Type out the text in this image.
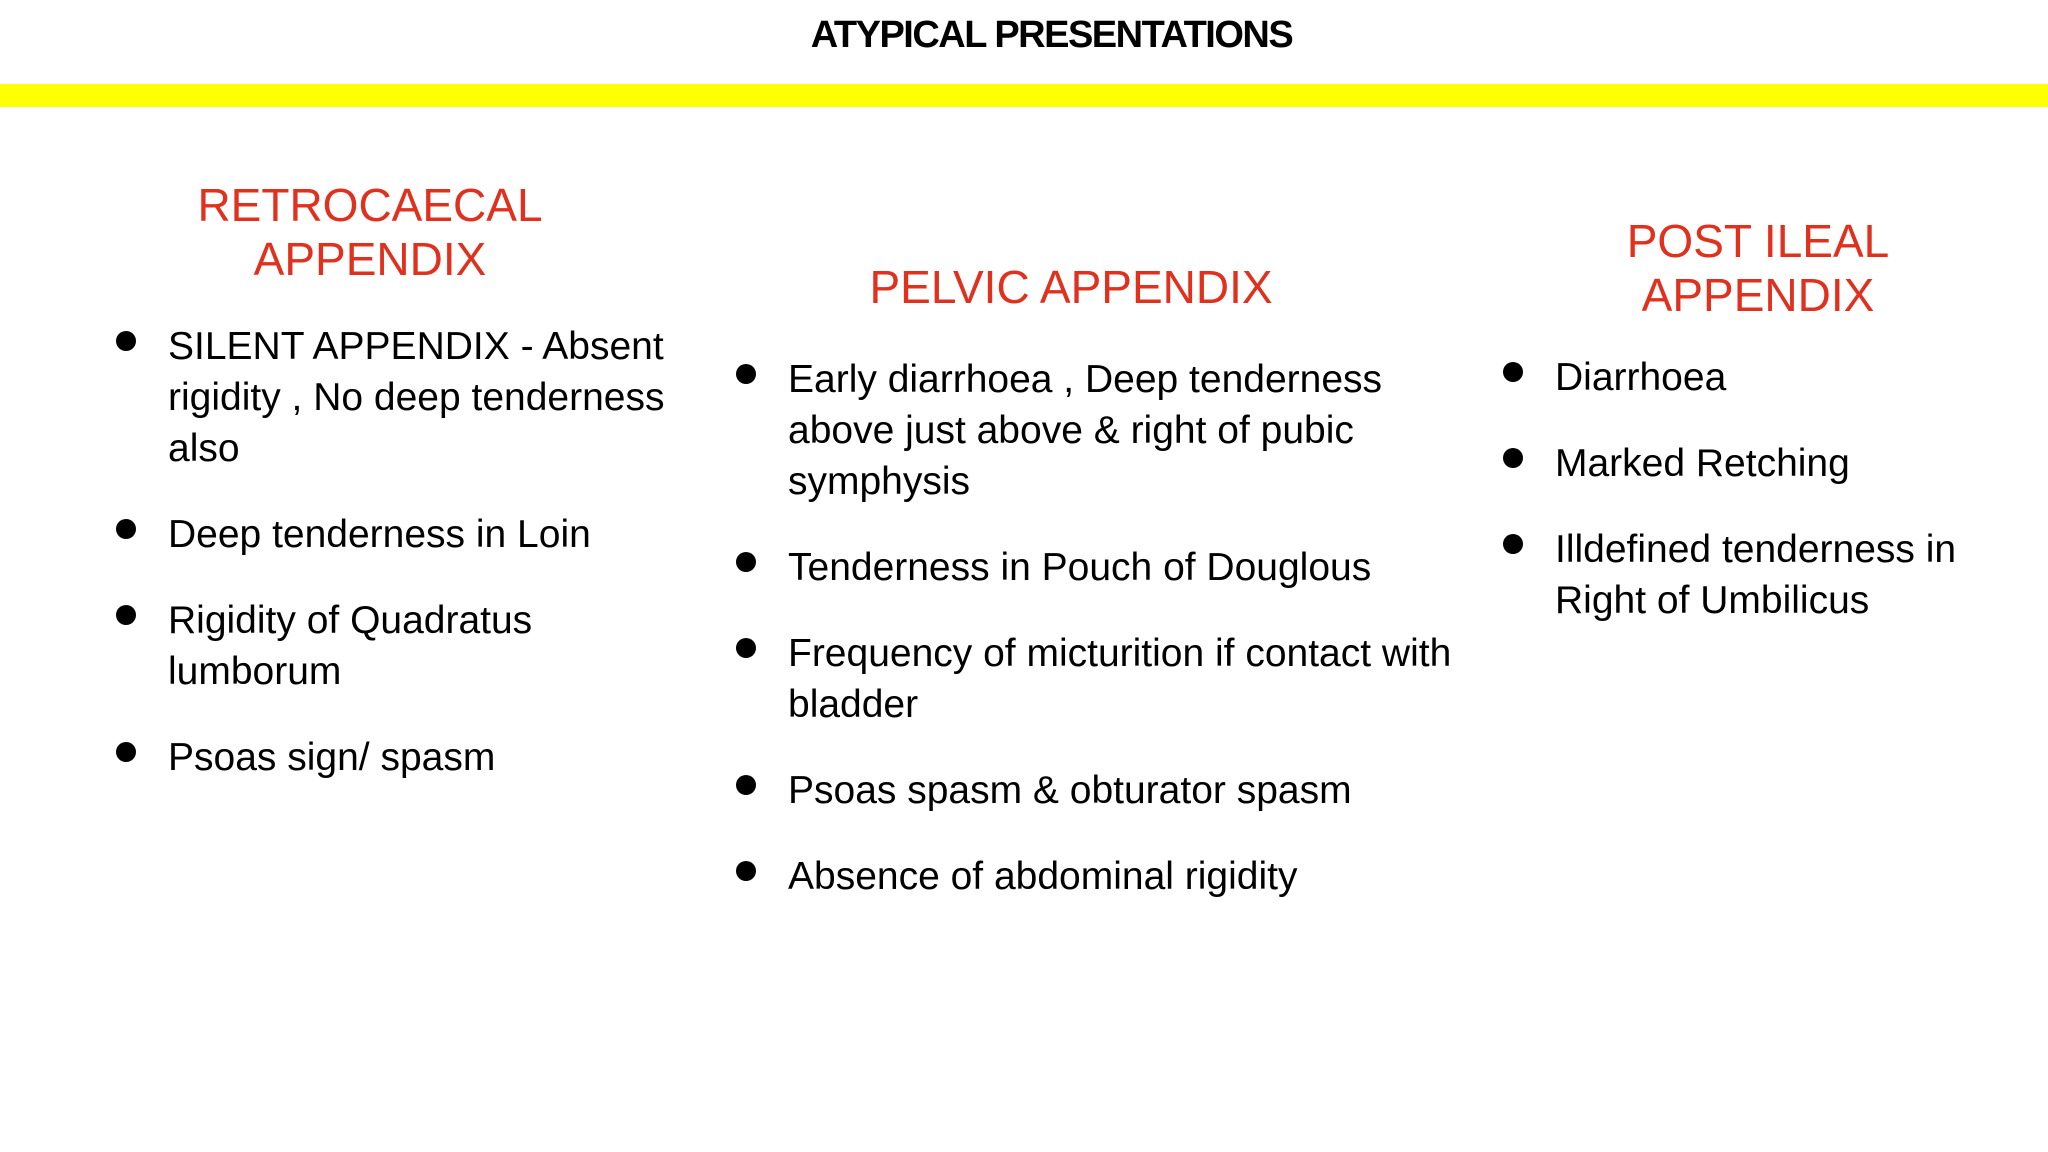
ATYPICAL PRESENTATIONS
RETROCAECAL
APPENDIX
SILENT APPENDIX - Absent rigidity , No deep tenderness also
Deep tenderness in Loin
Rigidity of Quadratus lumborum
Psoas sign/ spasm
PELVIC APPENDIX
Early diarrhoea , Deep tenderness above just above & right of pubic symphysis
Tenderness in Pouch of Douglous
Frequency of micturition if contact with bladder
Psoas spasm & obturator spasm
Absence of abdominal rigidity
POST ILEAL
APPENDIX
Diarrhoea
Marked Retching
Illdefined tenderness in Right of Umbilicus
